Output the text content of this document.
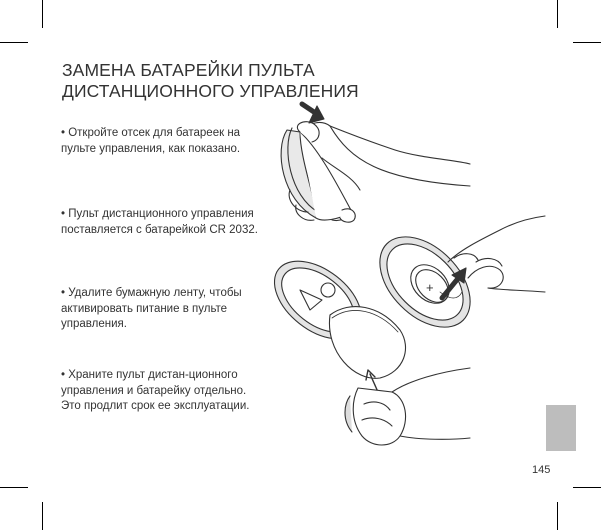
ЗАМЕНА БАТАРЕЙКИ ПУЛЬТА ДИСТАНЦИОННОГО УПРАВЛЕНИЯ
• Откройте отсек для батареек на пульте управления, как показано.
• Пульт дистанционного управления поставляется с батарейкой CR 2032.
• Удалите бумажную ленту, чтобы активировать питание в пульте управления.
• Храните пульт дистан-ционного управления и батарейку отдельно. Это продлит срок ее эксплуатации.
+
145
